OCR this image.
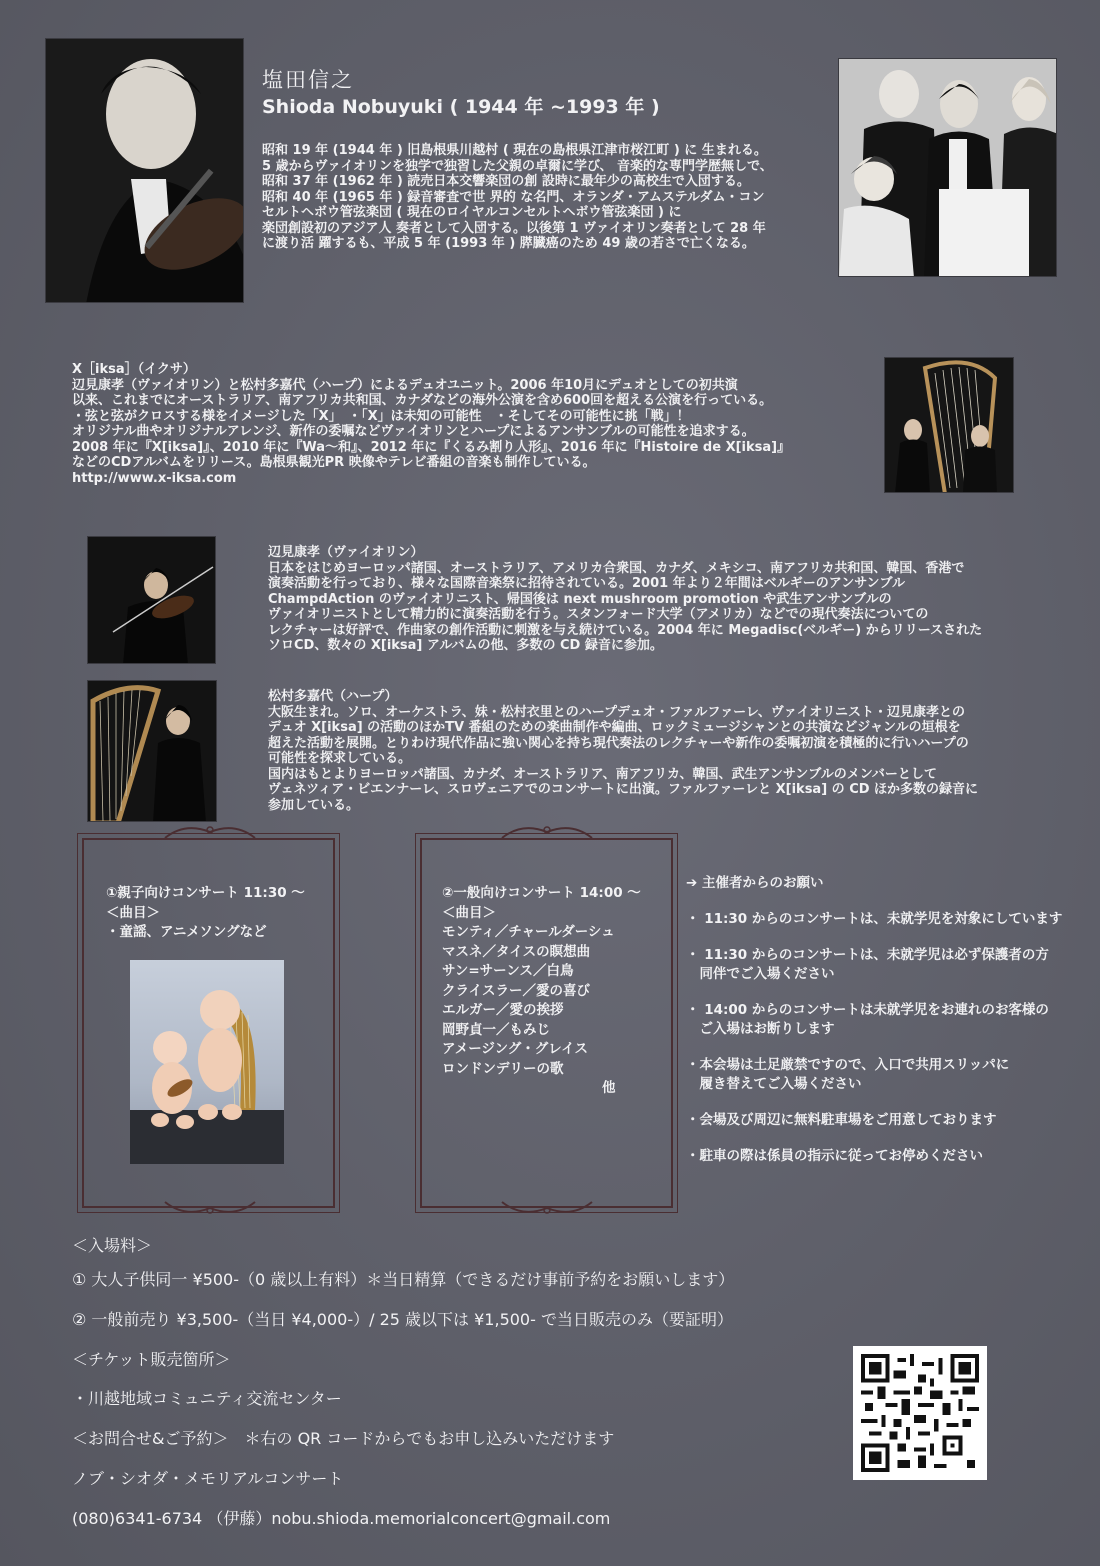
塩田信之
Shioda Nobuyuki ( 1944 年 ~1993 年 )

昭和 19 年 (1944 年 ) 旧島根県川越村 ( 現在の島根県江津市桜江町 ) に 生まれる。

5 歳からヴァイオリンを独学で独習した父親の卓爾に学び、 音楽的な専門学歴無しで、

昭和 37 年 (1962 年 ) 読売日本交響楽団の創 設時に最年少の高校生で入団する。

昭和 40 年 (1965 年 ) 録音審査で世 界的 な名門、オランダ・アムステルダム・コン

セルトヘボウ管弦楽団 ( 現在のロイヤルコンセルトヘボウ管弦楽団 ) に

楽団創設初のアジア人 奏者として入団する。以後第 1 ヴァイオリン奏者として 28 年

に渡り活 躍するも、平成 5 年 (1993 年 ) 膵臓癌のため 49 歳の若さで亡くなる。

X［iksa］（イクサ）

辺見康孝（ヴァイオリン）と松村多嘉代（ハープ）によるデュオユニット。2006 年10月にデュオとしての初共演

以来、これまでにオーストラリア、南アフリカ共和国、カナダなどの海外公演を含め600回を超える公演を行っている。

・弦と弦がクロスする様をイメージした「X」　・「X」は未知の可能性　・そしてその可能性に挑「戦」！

オリジナル曲やオリジナルアレンジ、新作の委嘱などヴァイオリンとハープによるアンサンブルの可能性を追求する。

2008 年に『X[iksa]』、2010 年に『Wa～和』、2012 年に『くるみ割り人形』、2016 年に『Histoire de X[iksa]』

などのCDアルバムをリリース。島根県観光PR 映像やテレビ番組の音楽も制作している。

http://www.x-iksa.com

辺見康孝（ヴァイオリン）

日本をはじめヨーロッパ諸国、オーストラリア、アメリカ合衆国、カナダ、メキシコ、南アフリカ共和国、韓国、香港で

演奏活動を行っており、様々な国際音楽祭に招待されている。2001 年より２年間はベルギーのアンサンブル

ChampdAction のヴァイオリニスト、帰国後は next mushroom promotion や武生アンサンブルの

ヴァイオリニストとして精力的に演奏活動を行う。スタンフォード大学（アメリカ）などでの現代奏法についての

レクチャーは好評で、作曲家の創作活動に刺激を与え続けている。2004 年に Megadisc(ベルギー) からリリースされた

ソロCD、数々の X[iksa] アルバムの他、多数の CD 録音に参加。

松村多嘉代（ハープ）

大阪生まれ。ソロ、オーケストラ、妹・松村衣里とのハープデュオ・ファルファーレ、ヴァイオリニスト・辺見康孝との

デュオ X[iksa] の活動のほかTV 番組のための楽曲制作や編曲、ロックミュージシャンとの共演などジャンルの垣根を

超えた活動を展開。とりわけ現代作品に強い関心を持ち現代奏法のレクチャーや新作の委嘱初演を積極的に行いハープの

可能性を探求している。

国内はもとよりヨーロッパ諸国、カナダ、オーストラリア、南アフリカ、韓国、武生アンサンブルのメンバーとして

ヴェネツィア・ビエンナーレ、スロヴェニアでのコンサートに出演。ファルファーレと X[iksa] の CD ほか多数の録音に

参加している。

①親子向けコンサート 11:30 ～

＜曲目＞

・童謡、アニメソングなど

②一般向けコンサート 14:00 ～

＜曲目＞

モンティ／チャールダーシュ

マスネ／タイスの瞑想曲

サン=サーンス／白鳥

クライスラー／愛の喜び

エルガー／愛の挨拶

岡野貞一／もみじ

アメージング・グレイス

ロンドンデリーの歌

他

➔ 主催者からのお願い

・ 11:30 からのコンサートは、未就学児を対象にしています

・ 11:30 からのコンサートは、未就学児は必ず保護者の方

　同伴でご入場ください

・ 14:00 からのコンサートは未就学児をお連れのお客様の

　ご入場はお断りします

・本会場は土足厳禁ですので、入口で共用スリッパに

　履き替えてご入場ください

・会場及び周辺に無料駐車場をご用意しております

・駐車の際は係員の指示に従ってお停めください

＜入場料＞
① 大人子供同一 ¥500-（0 歳以上有料）＊当日精算（できるだけ事前予約をお願いします）
② 一般前売り ¥3,500-（当日 ¥4,000-）/ 25 歳以下は ¥1,500- で当日販売のみ（要証明）
＜チケット販売箇所＞
・川越地域コミュニティ交流センター
＜お問合せ&ご予約＞　＊右の QR コードからでもお申し込みいただけます
ノブ・シオダ・メモリアルコンサート
(080)6341-6734 （伊藤）nobu.shioda.memorialconcert@gmail.com
